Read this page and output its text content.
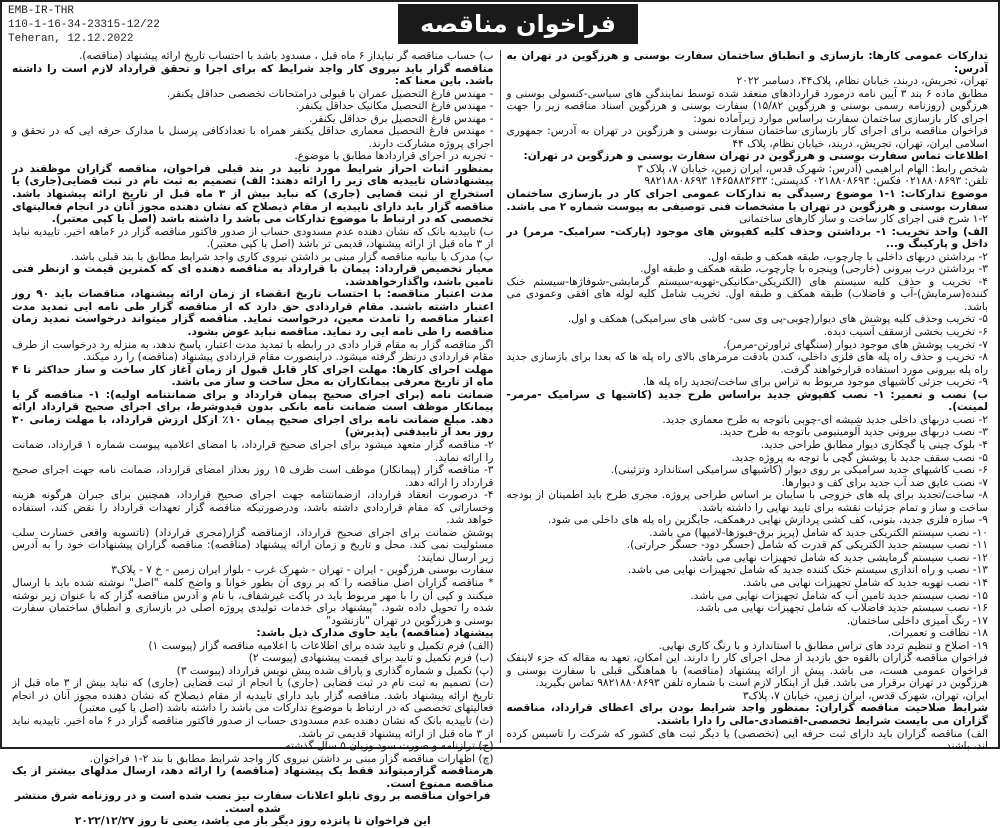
EMB-IR-THR
110-1-16-34-23315-12/22
Teheran, 12.12.2022
فراخوان مناقصه

تدارکات عمومی کارها: بازسازی و انطباق ساختمان سفارت بوسنی و هرزگوین در تهران به آدرس:

تهران، تجریش، دربند، خیابان نظام، پلاک۴۴، دسامبر ۲۰۲۲

مطابق ماده ۶ بند ۳ آیین نامه درمورد قراردادهای منعقد شده توسط نمایندگی های سیاسی-کنسولی بوسنی و هرزگوین (روزنامه رسمی بوسنی و هرزگوین ۱۵/۸۲) سفارت بوسنی و هرزگوین اسناد مناقصه زیر را جهت اجرای کار بازسازی ساختمان سفارت براساس موارد زیرآماده نمود:

فراخوان مناقصه برای اجرای کار بازسازی ساختمان سفارت بوسنی و هرزگوین در تهران به آدرس: جمهوری اسلامی ایران، تهران، تجریش، دربند، خیابان نظام، پلاک ۴۴

اطلاعات تماس سفارت بوسنی و هرزگوین در تهران سفارت بوسنی و هرزگوین در تهران:

شخص رابط: الهام ابراهیمی (آدرس: شهرک قدس، ایران زمین، خیابان ۷، پلاک ۳

تلفن: ۰۲۱۸۸۰۸۶۹۳ فکس: ۰۲۱۸۸۰۸۶۹۳ کدپستی: ۱۴۶۵۸۸۳۶۳۳ ۹۸۲۱۸۸۰۸۶۹۳

موضوع تدارکات: ۱-۱ موضوع رسیدگی به تدارکات عمومی اجرای کار در بازسازی ساختمان سفارت بوسنی و هرزگوین در تهران با مشخصات فنی توصیفی به پیوست شماره ۲ می باشد.

۱-۲ شرح فنی اجرای کار ساخت و ساز کارهای ساختمانی

الف) واحد تخریب: ۱- برداشتن وحذف کلیه کفپوش های موجود (پارکت- سرامیک- مرمر) در داخل و پارکینگ و...

۲- برداشتن دربهای داخلی با چارچوب، طبقه همکف و طبقه اول.

۳- برداشتن درب بیرونی (خارجی) وپنجره با چارچوب، طبقه همکف و طبقه اول.

۴- تخریب و حذف کلیه سیستم های (الکتریکی-مکانیکی-تهویه-سیستم گرمایشی-شوفاژها-سیستم خنک کننده(سرمایش)-آب و فاضلاب) طبقه همکف و طبقه اول. تخریب شامل کلیه لوله های افقی وعمودی می باشد.

۵- تخریب وحذف کلیه پوشش های دیوار(چوبی-پی وی سی- کاشی های سرامیکی) همکف و اول.

۶- تخریب بخشی ازسقف آسیب دیده.

۷- تخریب پوشش های موجود دیوار (سنگهای تراورتن-مرمر).

۸- تخریب و حذف راه پله های فلزی داخلی، کندن بادقت مرمرهای بالای راه پله ها که بعدا برای بازسازی جدید راه پله بیرونی مورد استفاده قرارخواهند گرفت.

۹- تخریب جزئی کاشیهای موجود مربوط به تراس برای ساخت/تجدید راه پله ها.

ب) نصب و تعمیر: ۱- نصب کفپوش جدید براساس طرح جدید (کاشیها ی سرامیک -مرمر-لمینت).

۲- نصب دربهای داخلی جدید شیشه ای-چوبی باتوجه به طرح معماری جدید.

۳- نصب دربهای بیرونی جدید آلومینیومی باتوجه به طرح جدید.

۴- بلوک چینی یا گچکاری دیوار مطابق طراحی جدید.

۵- نصب سقف جدید با پوشش گچی با توجه به پروژه جدید.

۶- نصب کاشیهای جدید سرامیکی بر روی دیوار (کاشیهای سرامیکی استاندارد وتزئینی).

۷- نصب عایق ضد آب جدید برای کف و دیوارها.

۸- ساخت/تجدید برای پله های خروجی با سایبان بر اساس طراحی پروژه. مجری طرح باید اطمینان از بودجه ساخت و ساز و تمام جزئیات نقشه برای تایید نهایی را داشته باشد.

۹- سازه فلزی جدید، بتونی، کف کشی پردازش نهایی درهمکف، جایگزین راه پله های داخلی می شود.

۱۰- نصب سیستم الکتریکی جدید که شامل (پریز برق-فیوزها-لامپها) می باشد.

۱۱- نصب سیستم جدید الکتریکی کم قدرت که شامل (حسگر دود- حسگر حرارتی).

۱۲- نصب سیستم گرمایشی جدید که شامل تجهیزات نهایی می باشد.

۱۳- نصب و راه اندازی سیستم خنک کننده جدید که شامل تجهیزات نهایی می باشد.

۱۴- نصب تهویه جدید که شامل تجهیزات نهایی می باشد.

۱۵- نصب سیستم جدید تامین آب که شامل تجهیزات نهایی می باشد.

۱۶- نصب سیستم جدید فاضلاب که شامل تجهیزات نهایی می باشد.

۱۷- رنگ آمیزی داخلی ساختمان.

۱۸- نظافت و تعمیرات.

۱۹- اصلاح و تنظیم تردد های تراس مطابق با استاندارد و با رنگ کاری نهایی.

فراخوان مناقصه گزاران بالقوه حق بازدید از محل اجرای کار را دارند. این امکان، تعهد به مقاله که جزء لاینفک فراخوان عمومی هست، می باشد. پیش از ارائه پیشنهاد (مناقصه) با هماهنگی قبلی با سفارت بوسنی و هرزگوین در تهران برقرار می باشد. قبل از اینکار لازم است با شماره تلفن ۹۸۲۱۸۸۰۸۶۹۳ تماس بگیرید.

ایران، تهران، شهرک قدس، ایران زمین، خیابان ۷، پلاک۳

شرایط صلاحیت مناقصه گزاران: بمنظور واجد شرایط بودن برای اعطای قرارداد، مناقصه گزاران می بایست شرایط تخصصی-اقتصادی-مالی را دارا باشند.

الف) مناقصه گزاران باید دارای ثبت حرفه ایی (تخصصی) یا دیگر ثبت های کشور که شرکت را تاسیس کرده اند، باشند.

ب) حساب مناقصه گر نبایداز ۶ ماه قبل ، مسدود باشد با احتساب تاریخ ارائه پیشنهاد (مناقصه).

مناقصه گزار باید نیروی کار واجد شرایط که برای اجرا و تحقق قرارداد لازم است را داشته باشد. باین معنا که:

- مهندس فارغ التحصیل عمران با قبولی درامتحانات تخصصی حداقل یکنفر.

- مهندس فارغ التحصیل مکانیک حداقل یکنفر.

- مهندس فارغ التحصیل برق حداقل یکنفر.

- مهندس فارغ التحصیل معماری حداقل یکنفر همراه با تعدادکافی پرسنل با مدارک حرفه ایی که در تحقق و اجرای پروژه مشارکت دارند.

- تجربه در اجرای قراردادها مطابق با موضوع.

بمنظور اثبات احراز شرایط مورد تایید در بند قبلی فراخوان، مناقصه گزاران موظفند در پیشنهادشان تاییدیه های زیر را ارائه دهند: الف) تصمیم به ثبت نام در ثبت قضایی(جاری) یا استخراج از ثبت قضایی (جاری) که نباید بیش از ۳ ماه قبل از تاریخ ارائه پیشنهاد باشد. مناقصه گزار باید دارای تاییدیه از مقام ذیصلاح که نشان دهنده مجوز آنان در انجام فعالیتهای تخصصی که در ارتباط با موضوع تدارکات می باشد را داشته باشد (اصل یا کپی معتبر).

ب) تاییدیه بانک که نشان دهنده عدم مسدودی حساب از صدور فاکتور مناقصه گزار در ۶ماهه اخیر. تاییدیه نباید از ۳ ماه قبل از ارائه پیشنهاد، قدیمی تر باشد (اصل یا کپی معتبر).

پ) مدرک یا بیانیه مناقصه گزار مبنی بر داشتن نیروی کاری واجد شرایط مطابق با بند قبلی باشد.

معیار تخصیص قرارداد: پیمان با قرارداد به مناقصه دهنده ای که کمترین قیمت و ازنظر فنی تامین باشد، واگذارخواهدشد.

مدت اعتبار مناقصه: با احتساب تاریخ انقضاء از زمان ارائه پیشنهاد، مناقصات باید ۹۰ روز اعتبار داشته باشند. مقام قراردادی حق دارد که از مناقصه گزار طی نامه ایی تمدید مدت اعتبار مناقصه را تامدت معین، درخواست نماید. مناقصه گزار میتواند درخواست تمدید زمان مناقصه را طی نامه ایی رد نماید. مناقصه نباید عوض بشود.

اگر مناقصه گزار به مقام قرار دادی در رابطه با تمدید مدت اعتبار، پاسخ ندهد، به منزله رد درخواست از طرف مقام قراردادی درنظر گرفته میشود. دراینصورت مقام قراردادی پیشنهاد (مناقصه) را رد میکند.

مهلت اجرای کارها: مهلت اجرای کار قابل قبول از زمان آغاز کار ساخت و ساز حداکثر تا ۴ ماه از تاریخ معرفی پیمانکاران به محل ساخت و ساز می باشد.

ضمانت نامه (برای اجرای صحیح پیمان قرارداد و برای ضمانتنامه اولیه): ۱- مناقصه گر یا پیمانکار موظف است ضمانت نامه بانکی بدون قیدوشرط، برای اجرای صحیح قرارداد ارائه دهد. مبلغ ضمانت نامه برای اجرای صحیح پیمان ۱۰٪ ازکل ارزش قرارداد، با مهلت زمانی ۳۰ روز بعد از تاییدفنی (پذیرش)

۲- مناقصه گزار متعهد میشود برای اجرای صحیح قرارداد، با امضای اعلامیه پیوست شماره ۱ قرارداد، ضمانت را ارائه نماید.

۳- مناقصه گزار (پیمانکار) موظف است ظرف ۱۵ روز بعداز امضای قرارداد، ضمانت نامه جهت اجرای صحیح قرارداد را ارائه دهد.

۴- درصورت انعقاد قرارداد، ازضمانتنامه جهت اجرای صحیح قرارداد، همچنین برای جبران هرگونه هزینه وخساراتی که مقام قراردادی داشته باشد، ودرصورتیکه مناقصه گزار تعهدات قرارداد را نقض کند، استفاده خواهد شد.

پوشش ضمانت برای اجرای صحیح قرارداد، ازمناقصه گزار(مجری قرارداد) (تاتسویه واقعی خسارت سلب مسئولیت نمی کند. محل و تاریخ و زمان ارائه پیشنهاد (مناقصه): مناقصه گزاران پیشنهادات خود را به آدرس زیر ارسال نمایند:

سفارت بوسنی هرزگوین - ایران - تهران - شهرک غرب - بلوار ایران زمین - خ ۷ - پلاک۳

* مناقصه گزاران اصل مناقصه را که بر روی آن بطور خوانا و واضح کلمه "اصل" نوشته شده باید با ارسال میکنند و کپی آن را با مهر مربوط باید در پاکت غیرشفاف، با نام و آدرس مناقصه گزار که با عنوان زیر نوشته شده را تحویل داده شود. "پیشنهاد برای خدمات تولیدی پروژه اصلی در بازسازی و انطباق ساختمان سفارت بوسنی و هرزگوین در تهران "بازنشود"

پیشنهاد (مناقصه) باید حاوی مدارک ذیل باشد:

(الف) فرم تکمیل و تایید شده برای اطلاعات با اعلامیه مناقصه گزار (پیوست ۱)

(ب) فرم تکمیل و تایید برای قیمت پیشنهادی (پیوست ۲)

(پ) تکمیل و شماره گذاری و پاراف شده پیش نویس قرارداد (پیوست ۳)

(ت) تصمیم به ثبت نام در ثبت قضایی (جاری) یا انجام از ثبت قضایی (جاری) که نباید بیش از ۳ ماه قبل از تاریخ ارائه پیشنهاد باشد. مناقصه گزار باید دارای تاییدیه از مقام ذیصلاح که نشان دهنده مجوز آنان در انجام فعالیتهای تخصصی که در ارتباط با موضوع تدارکات می باشد را داشته باشد (اصل یا کپی معتبر)

(ث) تاییدیه بانک که نشان دهنده عدم مسدودی حساب از صدور فاکتور مناقصه گزار در ۶ ماه اخیر. تاییدیه نباید از ۳ ماه قبل از ارائه پیشنهاد قدیمی تر باشد.

(ج) ترازنامه و صورت سود وزیان ۵ سال گذشته.

(چ) اظهارات مناقصه گزار مبنی بر داشتن نیروی کار واجد شرایط مطابق با بند ۲-۱ فراخوان.

هرمناقصه گزارمیتواند فقط یک پیشنهاد (مناقصه) را ارائه دهد، ارسال مدلهای بیشتر از یک مناقصه ممنوع است.

فراخوان مناقصه بر روی تابلو اعلانات سفارت نیز نصب شده است و در روزنامه شرق منتشر شده است.

این فراخوان تا پانزده روز دیگر باز می باشد، یعنی تا روز ۲۰۲۲/۱۲/۲۷
